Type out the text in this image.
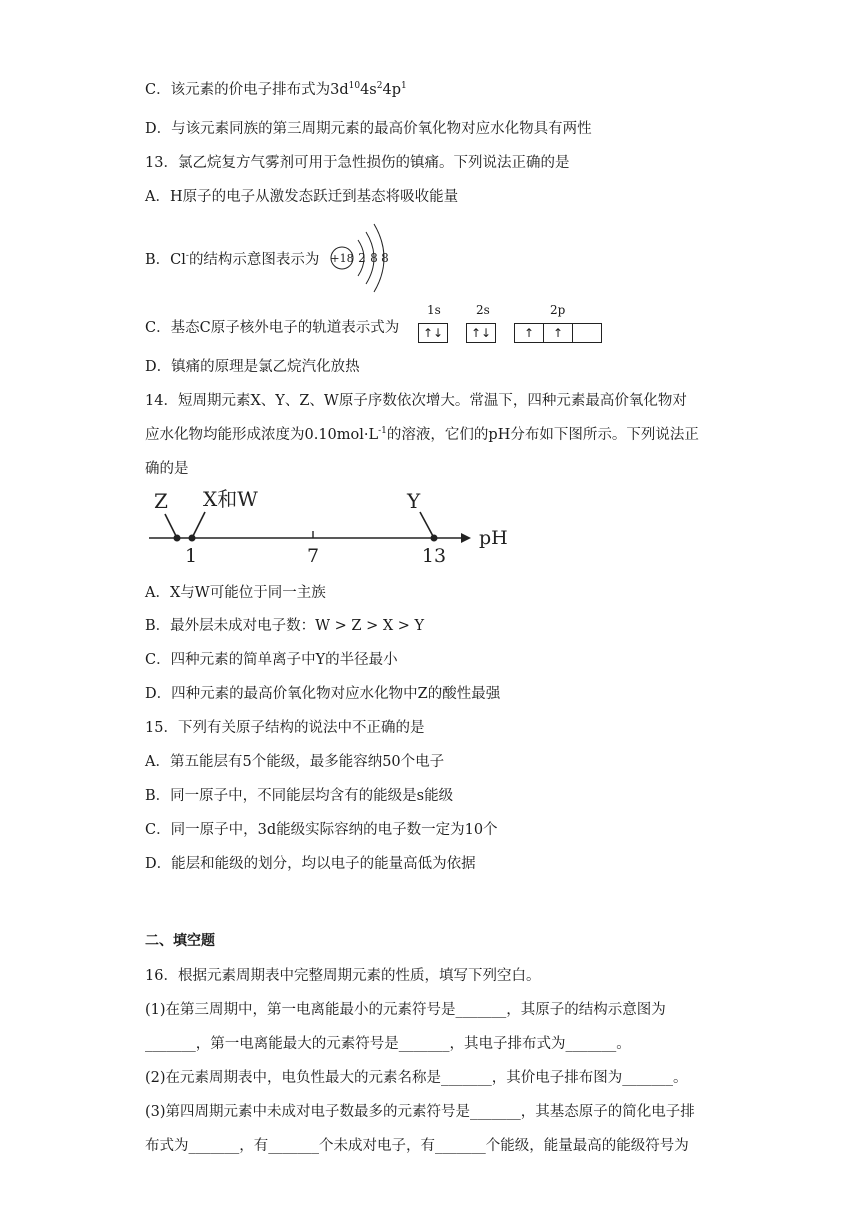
C．该元素的价电子排布式为$3d^{10}4s^24p^1$
D．与该元素同族的第三周期元素的最高价氧化物对应水化物具有两性
13．氯乙烷复方气雾剂可用于急性损伤的镇痛。下列说法正确的是
A．H原子的电子从激发态跃迁到基态将吸收能量
B．Cl-的结构示意图表示为 +18 2 8 8
C．基态C原子核外电子的轨道表示式为
1s
↑↓
2s
↑↓
2p
↑	↑
D．镇痛的原理是氯乙烷汽化放热
14．短周期元素X、Y、Z、W原子序数依次增大。常温下，四种元素最高价氧化物对
应水化物均能形成浓度为$0.10mol\cdot L^{-1}$的溶液，它们的pH分布如下图所示。下列说法正
确的是
Z X和W	Y
1	7	13
pH
A．X与W可能位于同一主族
B．最外层未成对电子数：W > Z > X > Y
C．四种元素的简单离子中Y的半径最小
D．四种元素的最高价氧化物对应水化物中Z的酸性最强
15．下列有关原子结构的说法中不正确的是
A．第五能层有5个能级，最多能容纳50个电子
B．同一原子中，不同能层均含有的能级是s能级
C．同一原子中，3d能级实际容纳的电子数一定为10个
D．能层和能级的划分，均以电子的能量高低为依据
二、填空题
16．根据元素周期表中完整周期元素的性质，填写下列空白。
(1)在第三周期中，第一电离能最小的元素符号是_______，其原子的结构示意图为
_______，第一电离能最大的元素符号是_______，其电子排布式为_______。
(2)在元素周期表中，电负性最大的元素名称是_______，其价电子排布图为_______。
(3)第四周期元素中未成对电子数最多的元素符号是_______，其基态原子的简化电子排
布式为_______，有_______个未成对电子，有_______个能级，能量最高的能级符号为
